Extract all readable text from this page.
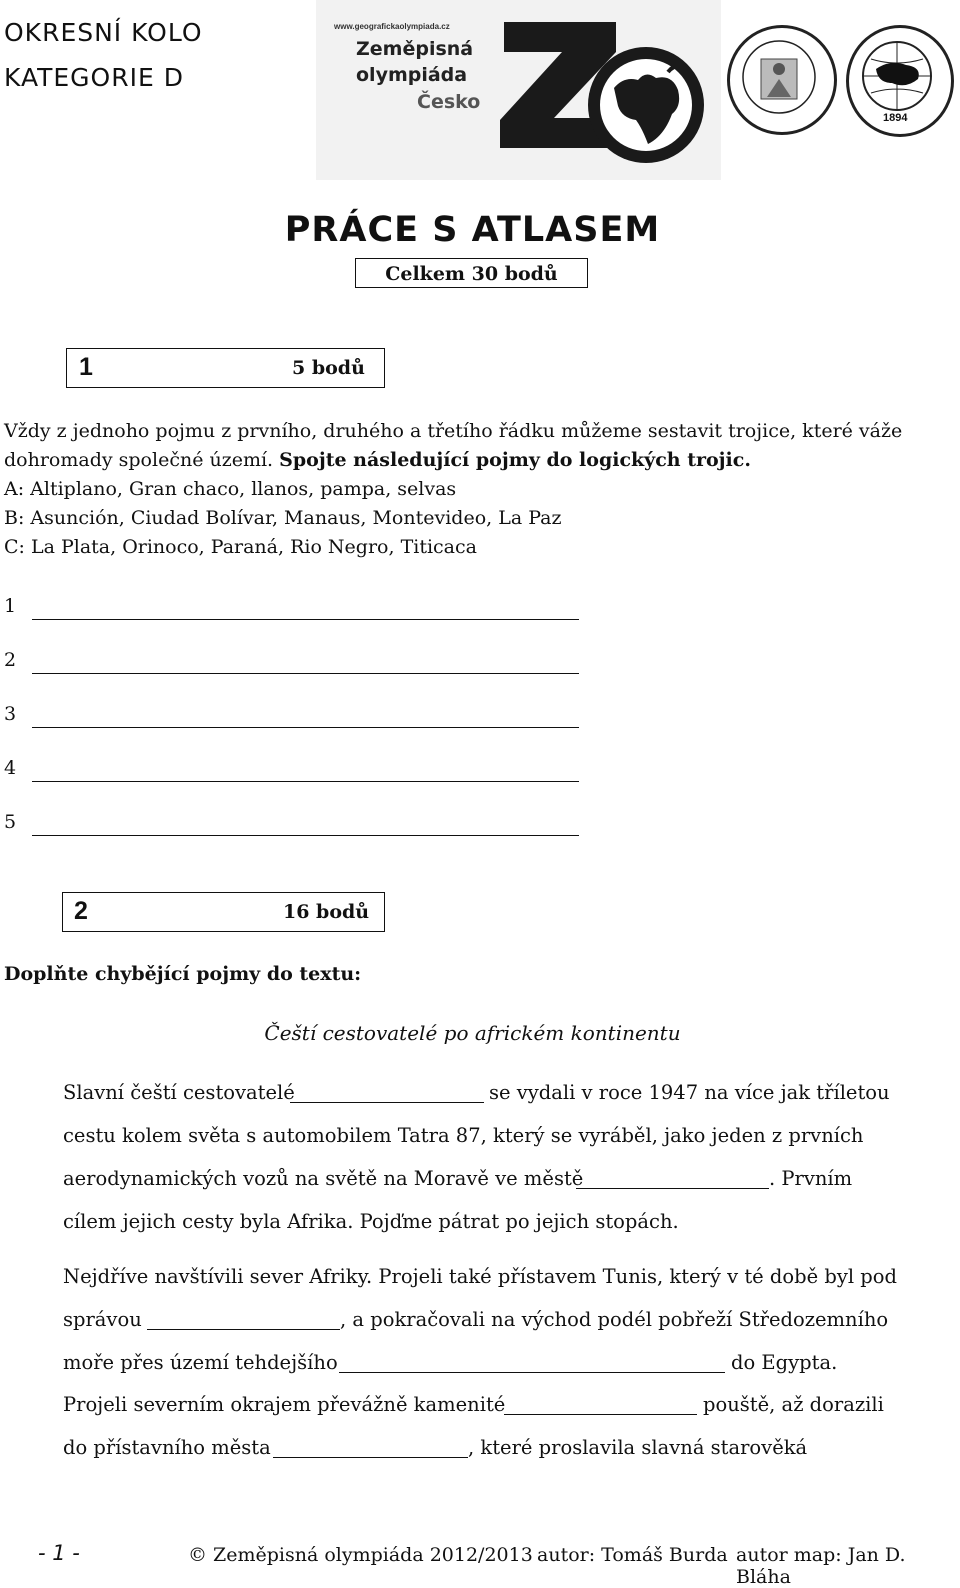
OKRESNÍ KOLO
KATEGORIE D
www.geografickaolympiada.cz
Zeměpisná
olympiáda
Česko
1894
PRÁCE S ATLASEM
Celkem 30 bodů
1	5 bodů
Vždy z jednoho pojmu z prvního, druhého a třetího řádku můžeme sestavit trojice, které váže
dohromady společné území. Spojte následující pojmy do logických trojic.
A: Altiplano, Gran chaco, llanos, pampa, selvas
B: Asunción, Ciudad Bolívar, Manaus, Montevideo, La Paz
C: La Plata, Orinoco, Paraná, Rio Negro, Titicaca
1
2
3
4
5
2	16 bodů
Doplňte chybějící pojmy do textu:
Čeští cestovatelé po africkém kontinentu
Slavní čeští cestovatelé	se vydali v roce 1947 na více jak tříletou
cestu kolem světa s automobilem Tatra 87, který se vyráběl, jako jeden z prvních
aerodynamických vozů na světě na Moravě ve městě	. Prvním
cílem jejich cesty byla Afrika. Pojďme pátrat po jejich stopách.
Nejdříve navštívili sever Afriky. Projeli také přístavem Tunis, který v té době byl pod
správou	, a pokračovali na východ podél pobřeží Středozemního
moře přes území tehdejšího	do Egypta.
Projeli severním okrajem převážně kamenité	pouště, až dorazili
do přístavního města	, které proslavila slavná starověká
- 1 -	© Zeměpisná olympiáda 2012/2013 autor: Tomáš Burda autor map: Jan D. Bláha
